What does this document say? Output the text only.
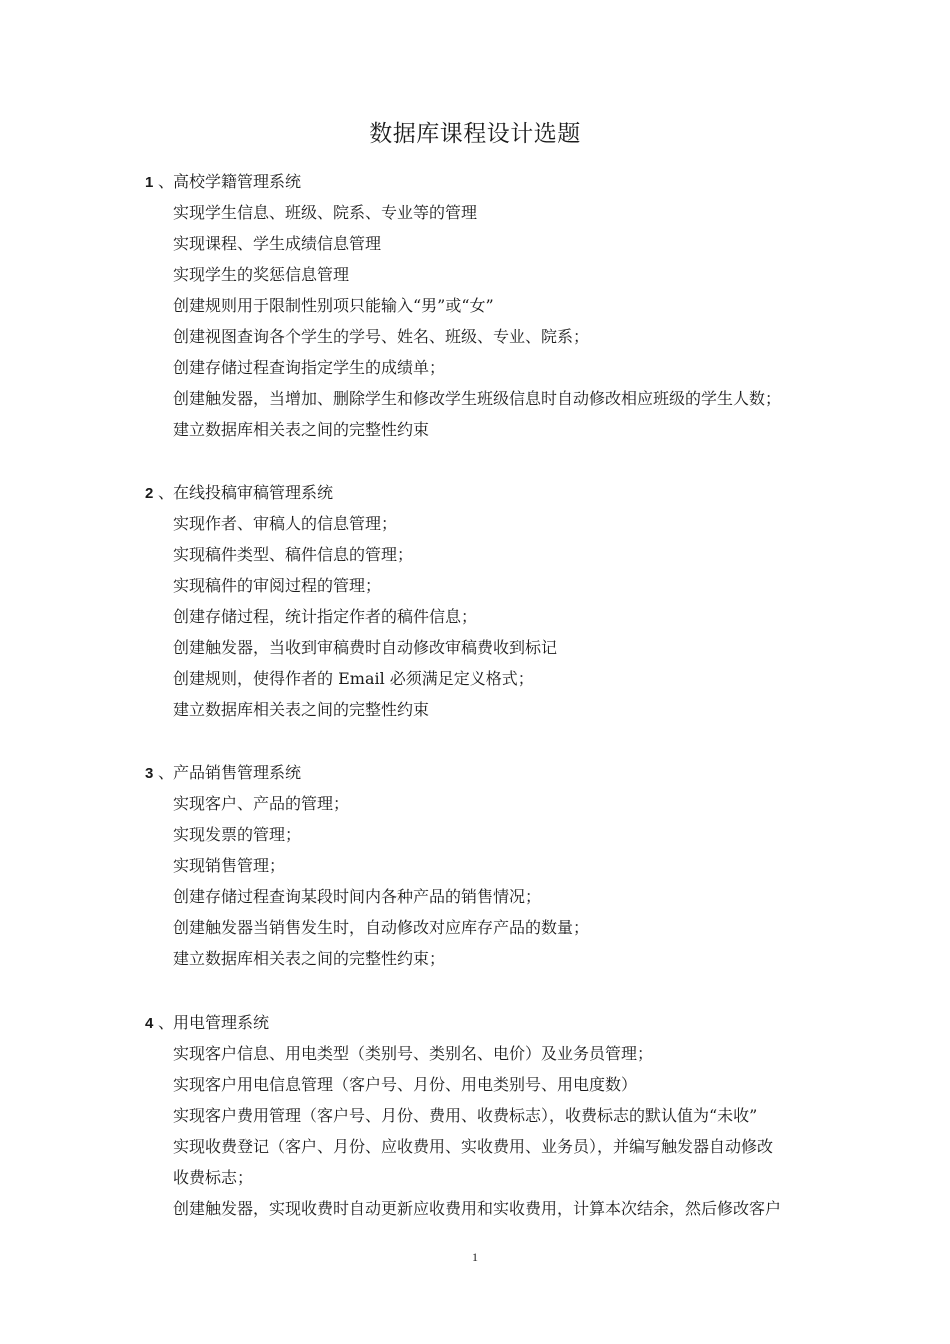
数据库课程设计选题
1 、高校学籍管理系统
实现学生信息、班级、院系、专业等的管理
实现课程、学生成绩信息管理
实现学生的奖惩信息管理
创建规则用于限制性别项只能输入“男”或“女”
创建视图查询各个学生的学号、姓名、班级、专业、院系；
创建存储过程查询指定学生的成绩单；
创建触发器，当增加、删除学生和修改学生班级信息时自动修改相应班级的学生人数；
建立数据库相关表之间的完整性约束
2 、在线投稿审稿管理系统
实现作者、审稿人的信息管理；
实现稿件类型、稿件信息的管理；
实现稿件的审阅过程的管理；
创建存储过程，统计指定作者的稿件信息；
创建触发器，当收到审稿费时自动修改审稿费收到标记
创建规则，使得作者的 Email 必须满足定义格式；
建立数据库相关表之间的完整性约束
3 、产品销售管理系统
实现客户、产品的管理；
实现发票的管理；
实现销售管理；
创建存储过程查询某段时间内各种产品的销售情况；
创建触发器当销售发生时，自动修改对应库存产品的数量；
建立数据库相关表之间的完整性约束；
4 、用电管理系统
实现客户信息、用电类型（类别号、类别名、电价）及业务员管理；
实现客户用电信息管理（客户号、月份、用电类别号、用电度数）
实现客户费用管理（客户号、月份、费用、收费标志），收费标志的默认值为“未收”
实现收费登记（客户、月份、应收费用、实收费用、业务员），并编写触发器自动修改
收费标志；
创建触发器，实现收费时自动更新应收费用和实收费用，计算本次结余，然后修改客户
1
